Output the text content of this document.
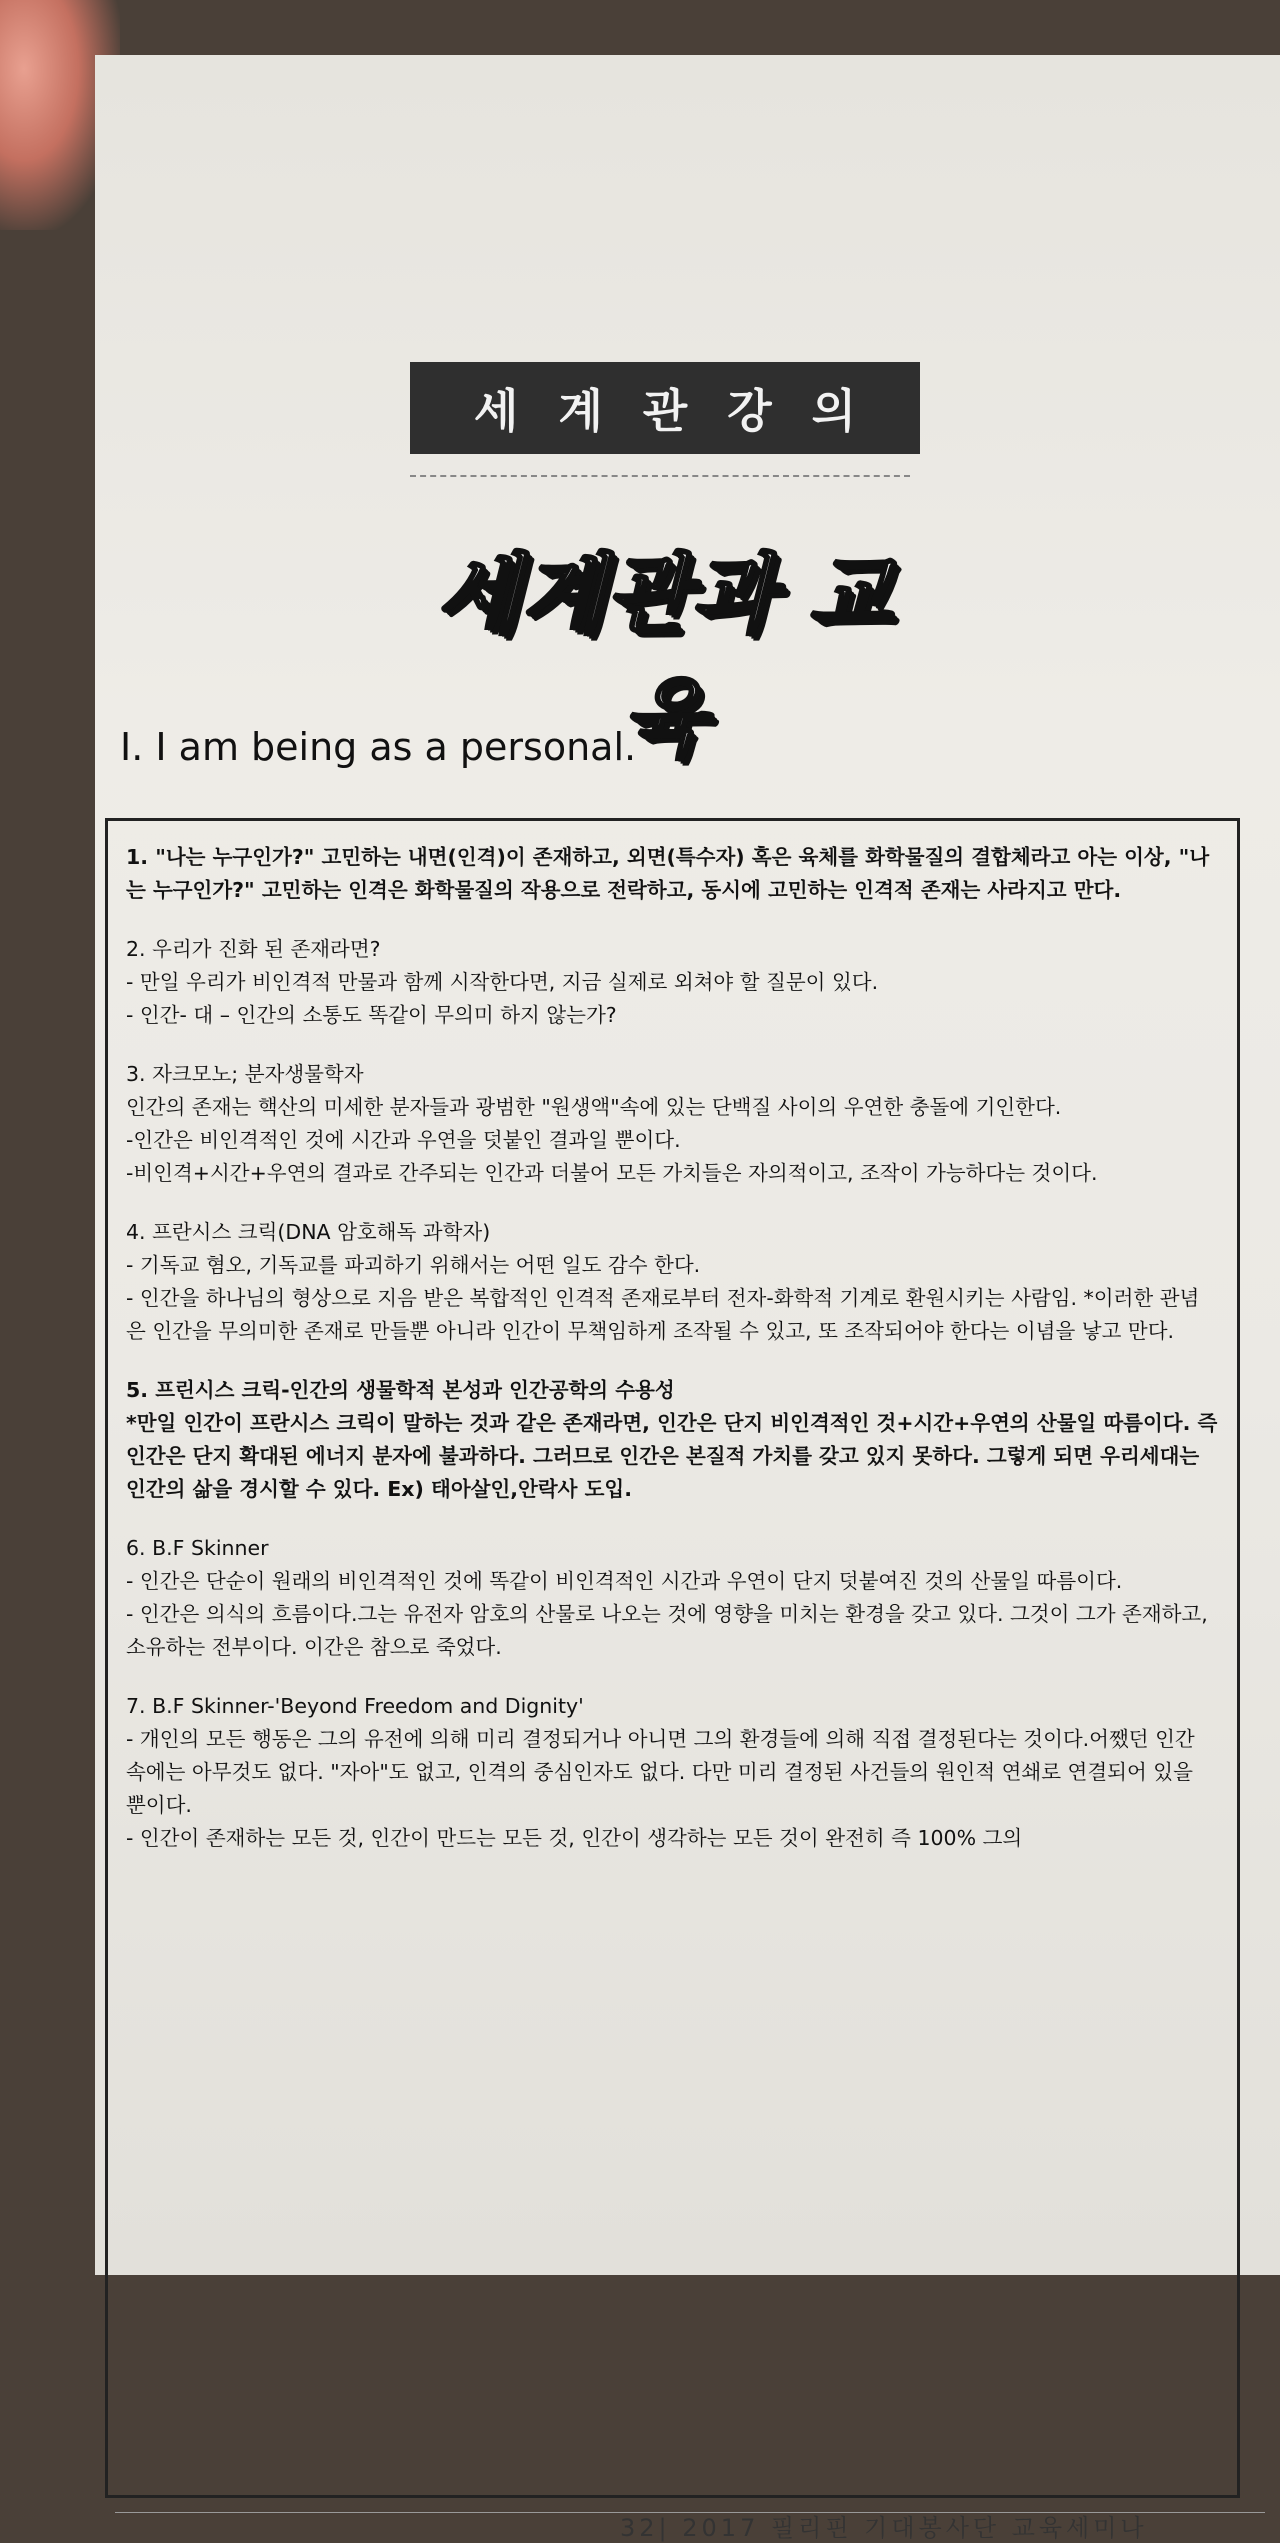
세계관강의
세계관과 교육
I. I am being as a personal.
1. "나는 누구인가?" 고민하는 내면(인격)이 존재하고, 외면(특수자) 혹은 육체를 화학물질의 결합체라고 아는 이상, "나는 누구인가?" 고민하는 인격은 화학물질의 작용으로 전락하고, 동시에 고민하는 인격적 존재는 사라지고 만다.
2. 우리가 진화 된 존재라면?
- 만일 우리가 비인격적 만물과 함께 시작한다면, 지금 실제로 외쳐야 할 질문이 있다.
- 인간- 대 – 인간의 소통도 똑같이 무의미 하지 않는가?
3. 자크모노; 분자생물학자
인간의 존재는 핵산의 미세한 분자들과 광범한 "원생액"속에 있는 단백질 사이의 우연한 충돌에 기인한다.
-인간은 비인격적인 것에 시간과 우연을 덧붙인 결과일 뿐이다.
-비인격+시간+우연의 결과로 간주되는 인간과 더불어 모든 가치들은 자의적이고, 조작이 가능하다는 것이다.
4. 프란시스 크릭(DNA 암호해독 과학자)
- 기독교 혐오, 기독교를 파괴하기 위해서는 어떤 일도 감수 한다.
- 인간을 하나님의 형상으로 지음 받은 복합적인 인격적 존재로부터 전자-화학적 기계로 환원시키는 사람임. *이러한 관념은 인간을 무의미한 존재로 만들뿐 아니라 인간이 무책임하게 조작될 수 있고, 또 조작되어야 한다는 이념을 낳고 만다.
5. 프린시스 크릭-인간의 생물학적 본성과 인간공학의 수용성
*만일 인간이 프란시스 크릭이 말하는 것과 같은 존재라면, 인간은 단지 비인격적인 것+시간+우연의 산물일 따름이다. 즉 인간은 단지 확대된 에너지 분자에 불과하다. 그러므로 인간은 본질적 가치를 갖고 있지 못하다. 그렇게 되면 우리세대는 인간의 삶을 경시할 수 있다. Ex) 태아살인,안락사 도입.
6. B.F Skinner
- 인간은 단순이 원래의 비인격적인 것에 똑같이 비인격적인 시간과 우연이 단지 덧붙여진 것의 산물일 따름이다.
- 인간은 의식의 흐름이다.그는 유전자 암호의 산물로 나오는 것에 영향을 미치는 환경을 갖고 있다. 그것이 그가 존재하고, 소유하는 전부이다. 이간은 참으로 죽었다.
7. B.F Skinner-'Beyond Freedom and Dignity'
- 개인의 모든 행동은 그의 유전에 의해 미리 결정되거나 아니면 그의 환경들에 의해 직접 결정된다는 것이다.어쨌던 인간 속에는 아무것도 없다. "자아"도 없고, 인격의 중심인자도 없다. 다만 미리 결정된 사건들의 원인적 연쇄로 연결되어 있을 뿐이다.
- 인간이 존재하는 모든 것, 인간이 만드는 모든 것, 인간이 생각하는 모든 것이 완전히 즉 100% 그의
32| 2017 필리핀 기대봉사단 교육세미나
